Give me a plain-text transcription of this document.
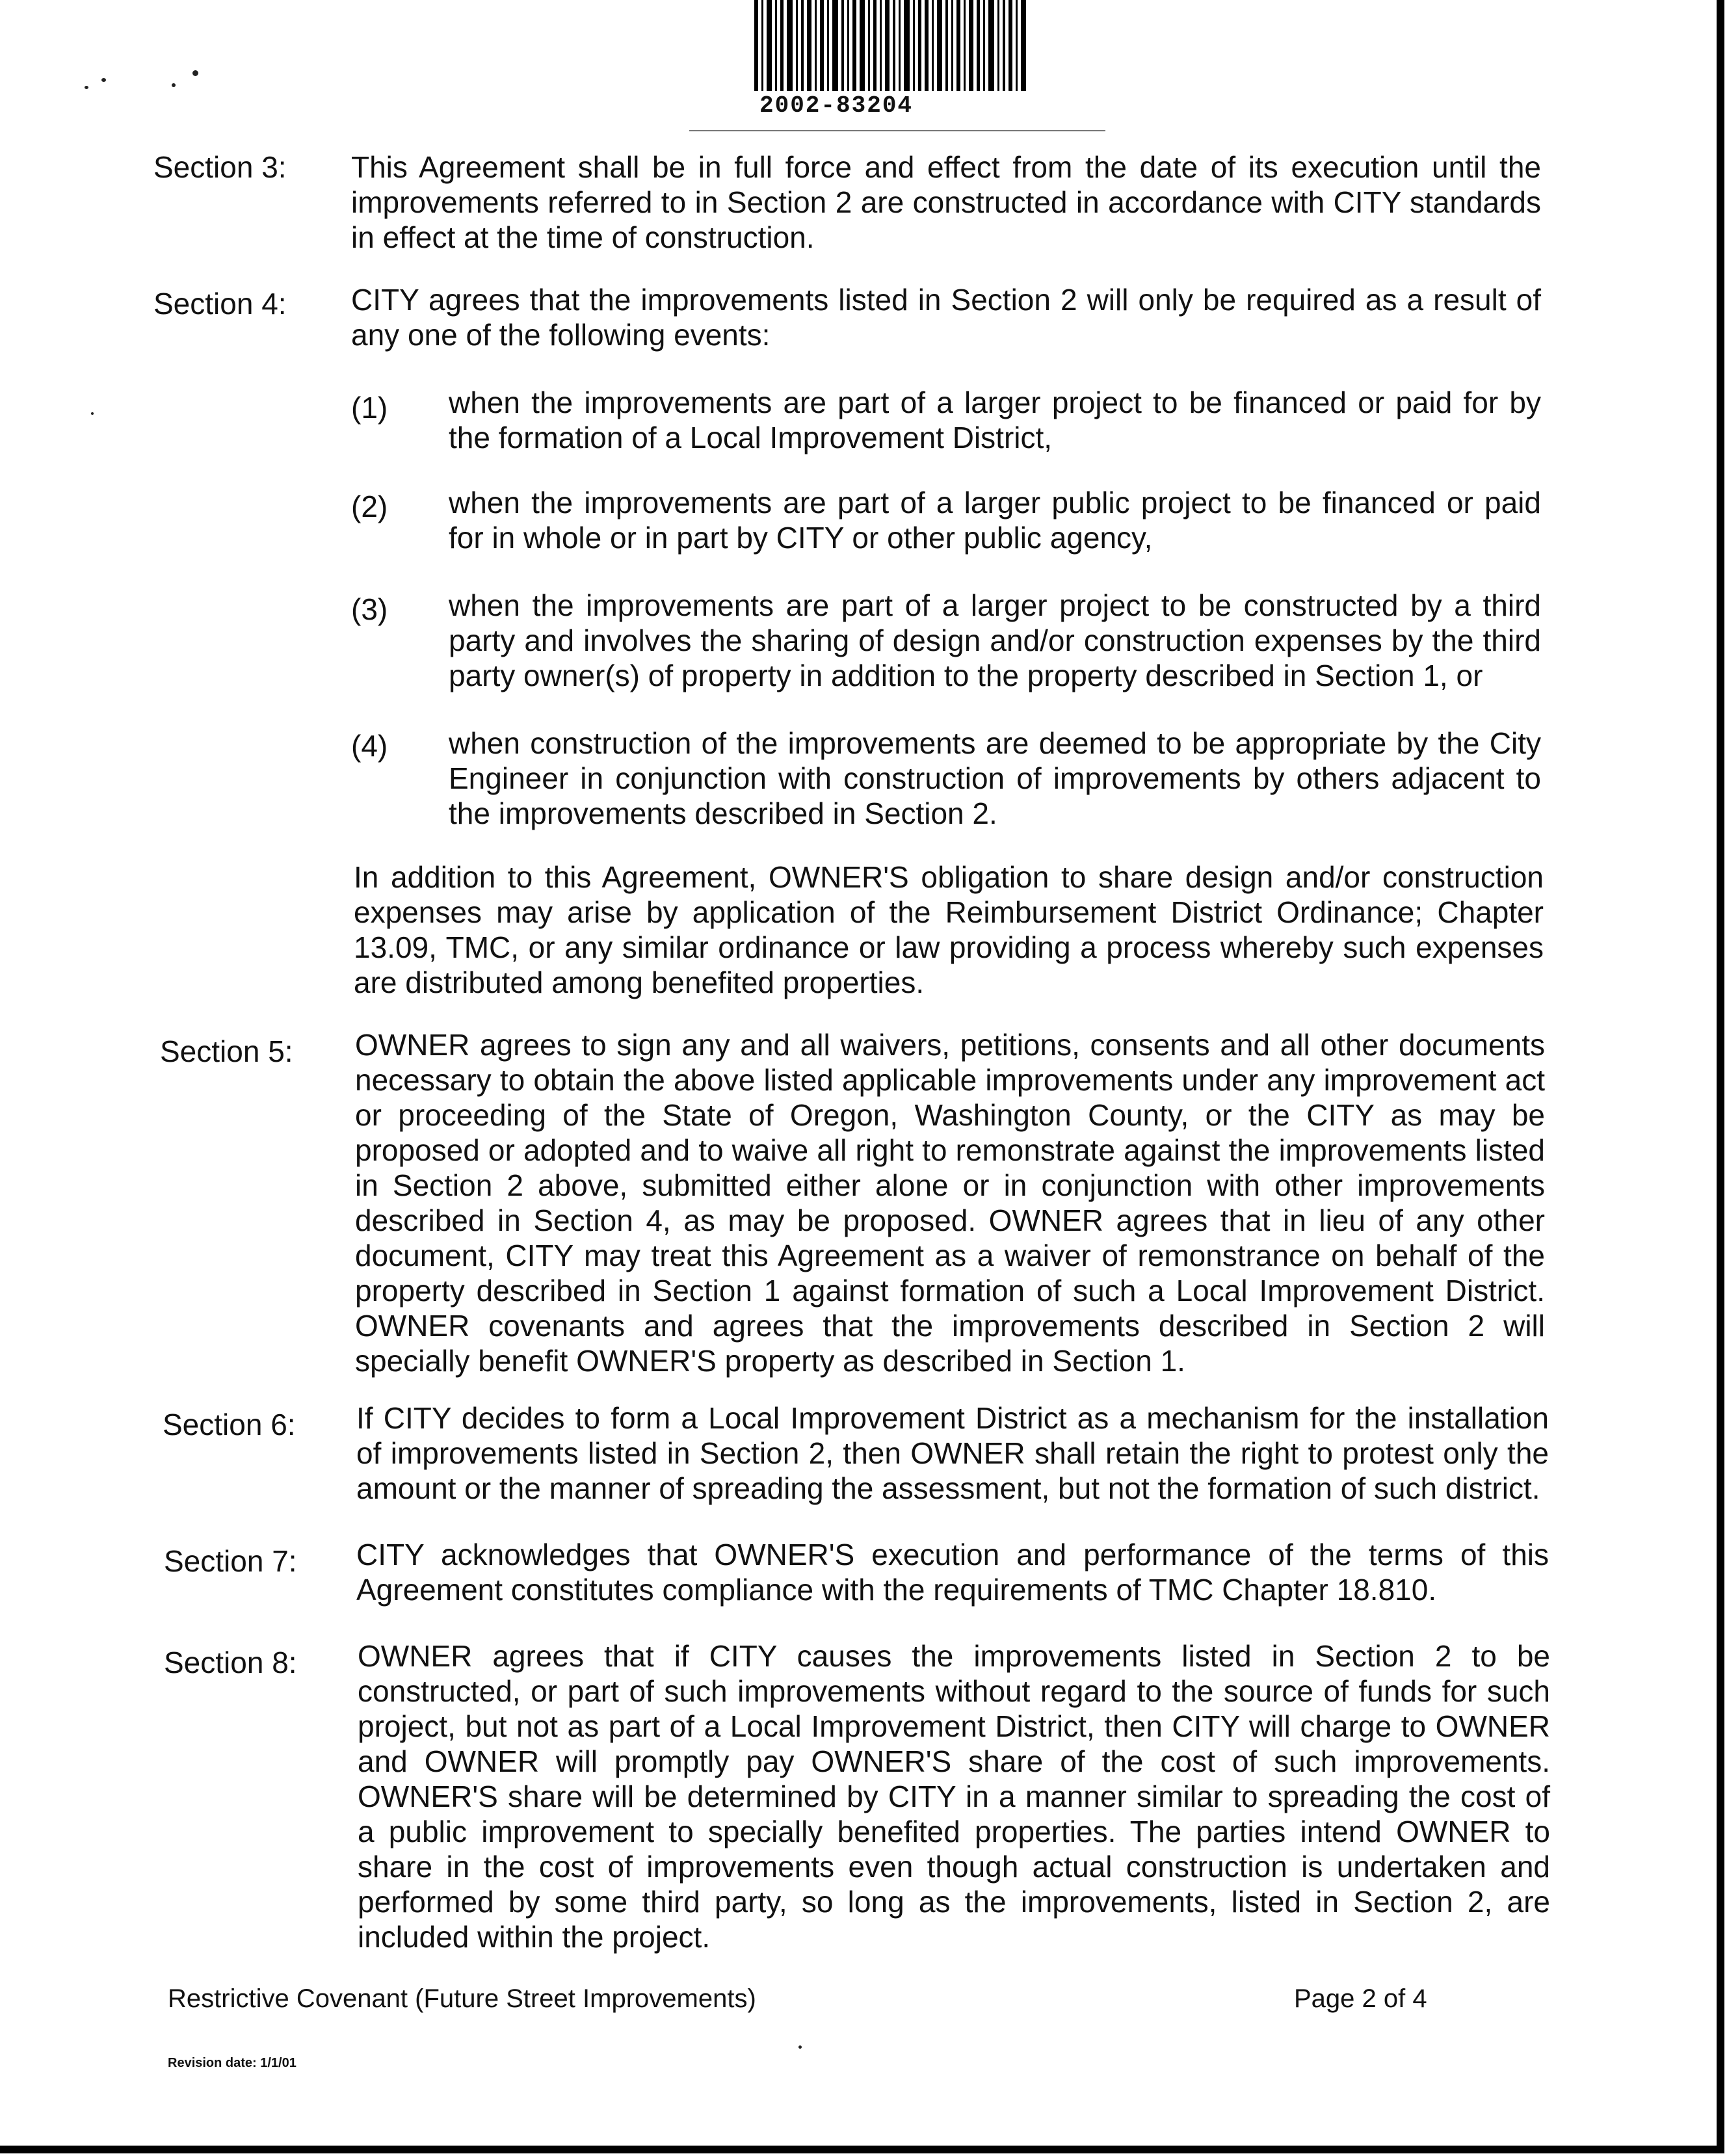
2002-83204
Section 3: This Agreement shall be in full force and effect from the date of its execution until the improvements referred to in Section 2 are constructed in accordance with CITY standards in effect at the time of construction.
Section 4: CITY agrees that the improvements listed in Section 2 will only be required as a result of any one of the following events:
(1) when the improvements are part of a larger project to be financed or paid for by the formation of a Local Improvement District,
(2) when the improvements are part of a larger public project to be financed or paid for in whole or in part by CITY or other public agency,
(3) when the improvements are part of a larger project to be constructed by a third party and involves the sharing of design and/or construction expenses by the third party owner(s) of property in addition to the property described in Section 1, or
(4) when construction of the improvements are deemed to be appropriate by the City Engineer in conjunction with construction of improvements by others adjacent to the improvements described in Section 2.
In addition to this Agreement, OWNER'S obligation to share design and/or construction expenses may arise by application of the Reimbursement District Ordinance; Chapter 13.09, TMC, or any similar ordinance or law providing a process whereby such expenses are distributed among benefited properties.
Section 5: OWNER agrees to sign any and all waivers, petitions, consents and all other documents necessary to obtain the above listed applicable improvements under any improvement act or proceeding of the State of Oregon, Washington County, or the CITY as may be proposed or adopted and to waive all right to remonstrate against the improvements listed in Section 2 above, submitted either alone or in conjunction with other improvements described in Section 4, as may be proposed. OWNER agrees that in lieu of any other document, CITY may treat this Agreement as a waiver of remonstrance on behalf of the property described in Section 1 against formation of such a Local Improvement District. OWNER covenants and agrees that the improvements described in Section 2 will specially benefit OWNER'S property as described in Section 1.
Section 6: If CITY decides to form a Local Improvement District as a mechanism for the installation of improvements listed in Section 2, then OWNER shall retain the right to protest only the amount or the manner of spreading the assessment, but not the formation of such district.
Section 7: CITY acknowledges that OWNER'S execution and performance of the terms of this Agreement constitutes compliance with the requirements of TMC Chapter 18.810.
Section 8: OWNER agrees that if CITY causes the improvements listed in Section 2 to be constructed, or part of such improvements without regard to the source of funds for such project, but not as part of a Local Improvement District, then CITY will charge to OWNER and OWNER will promptly pay OWNER'S share of the cost of such improvements. OWNER'S share will be determined by CITY in a manner similar to spreading the cost of a public improvement to specially benefited properties. The parties intend OWNER to share in the cost of improvements even though actual construction is undertaken and performed by some third party, so long as the improvements, listed in Section 2, are included within the project.
Restrictive Covenant (Future Street Improvements)	Page 2 of 4
Revision date: 1/1/01
